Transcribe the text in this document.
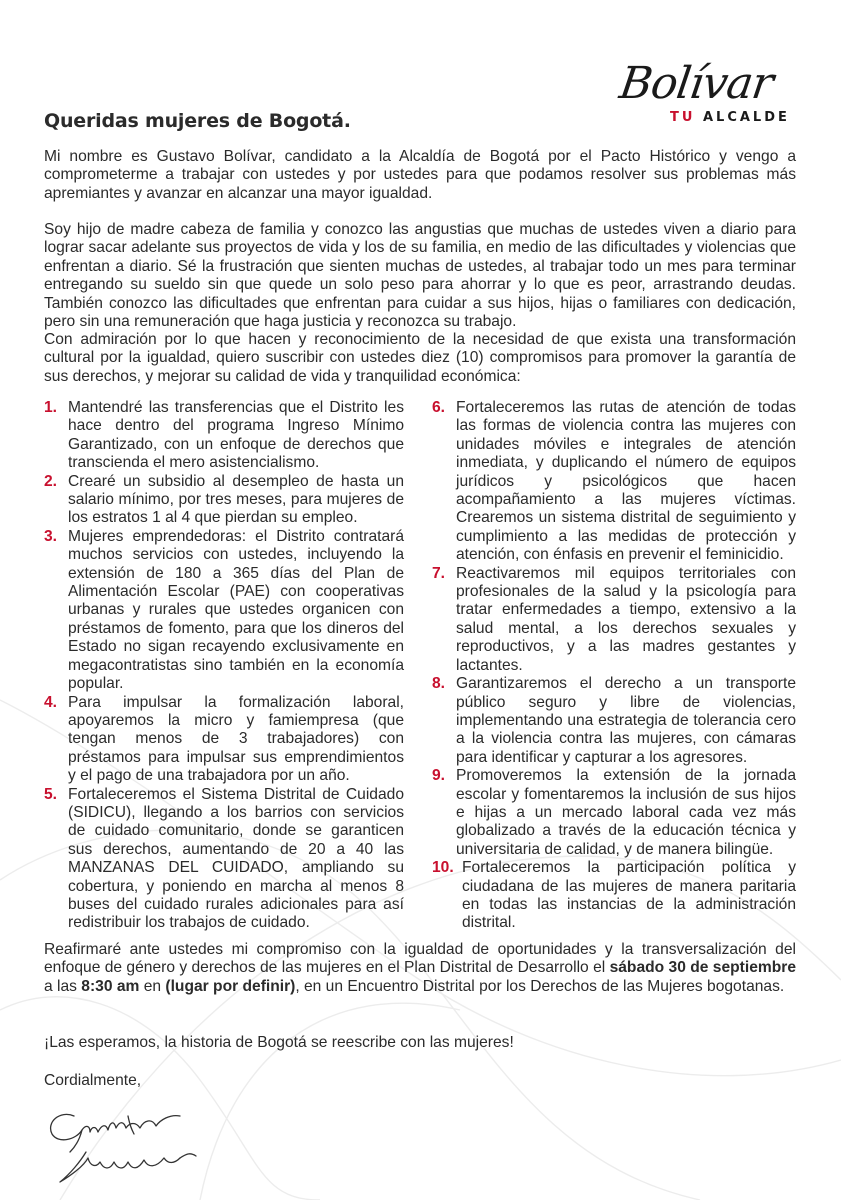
Bolívar
TU ALCALDE
Queridas mujeres de Bogotá.

Mi nombre es Gustavo Bolívar, candidato a la Alcaldía de Bogotá por el Pacto Histórico y vengo a comprometerme a trabajar con ustedes y por ustedes para que podamos resolver sus problemas más apremiantes y avanzar en alcanzar una mayor igualdad.

Soy hijo de madre cabeza de familia y conozco las angustias que muchas de ustedes viven a diario para lograr sacar adelante sus proyectos de vida y los de su familia, en medio de las dificultades y violencias que enfrentan a diario. Sé la frustración que sienten muchas de ustedes, al trabajar todo un mes para terminar entregando su sueldo sin que quede un solo peso para ahorrar y lo que es peor, arrastrando deudas. También conozco las dificultades que enfrentan para cuidar a sus hijos, hijas o familiares con dedicación, pero sin una remuneración que haga justicia y reconozca su trabajo.

Con admiración por lo que hacen y reconocimiento de la necesidad de que exista una transformación cultural por la igualdad, quiero suscribir con ustedes diez (10) compromisos para promover la garantía de sus derechos, y mejorar su calidad de vida y tranquilidad económica:

1. Mantendré las transferencias que el Distrito les hace dentro del programa Ingreso Mínimo Garantizado, con un enfoque de derechos que transcienda el mero asistencialismo.
2. Crearé un subsidio al desempleo de hasta un salario mínimo, por tres meses, para mujeres de los estratos 1 al 4 que pierdan su empleo.
3. Mujeres emprendedoras: el Distrito contratará muchos servicios con ustedes, incluyendo la extensión de 180 a 365 días del Plan de Alimentación Escolar (PAE) con cooperativas urbanas y rurales que ustedes organicen con préstamos de fomento, para que los dineros del Estado no sigan recayendo exclusivamente en megacontratistas sino también en la economía popular.
4. Para impulsar la formalización laboral, apoyaremos la micro y famiempresa (que tengan menos de 3 trabajadores) con préstamos para impulsar sus emprendimientos y el pago de una trabajadora por un año.
5. Fortaleceremos el Sistema Distrital de Cuidado (SIDICU), llegando a los barrios con servicios de cuidado comunitario, donde se garanticen sus derechos, aumentando de 20 a 40 las MANZANAS DEL CUIDADO, ampliando su cobertura, y poniendo en marcha al menos 8 buses del cuidado rurales adicionales para así redistribuir los trabajos de cuidado.
6. Fortaleceremos las rutas de atención de todas las formas de violencia contra las mujeres con unidades móviles e integrales de atención inmediata, y duplicando el número de equipos jurídicos y psicológicos que hacen acompañamiento a las mujeres víctimas. Crearemos un sistema distrital de seguimiento y cumplimiento a las medidas de protección y atención, con énfasis en prevenir el feminicidio.
7. Reactivaremos mil equipos territoriales con profesionales de la salud y la psicología para tratar enfermedades a tiempo, extensivo a la salud mental, a los derechos sexuales y reproductivos, y a las madres gestantes y lactantes.
8. Garantizaremos el derecho a un transporte público seguro y libre de violencias, implementando una estrategia de tolerancia cero a la violencia contra las mujeres, con cámaras para identificar y capturar a los agresores.
9. Promoveremos la extensión de la jornada escolar y fomentaremos la inclusión de sus hijos e hijas a un mercado laboral cada vez más globalizado a través de la educación técnica y universitaria de calidad, y de manera bilingüe.
10. Fortaleceremos la participación política y ciudadana de las mujeres de manera paritaria en todas las instancias de la administración distrital.

Reafirmaré ante ustedes mi compromiso con la igualdad de oportunidades y la transversalización del enfoque de género y derechos de las mujeres en el Plan Distrital de Desarrollo el sábado 30 de septiembre a las 8:30 am en (lugar por definir), en un Encuentro Distrital por los Derechos de las Mujeres bogotanas.

¡Las esperamos, la historia de Bogotá se reescribe con las mujeres!

Cordialmente,
